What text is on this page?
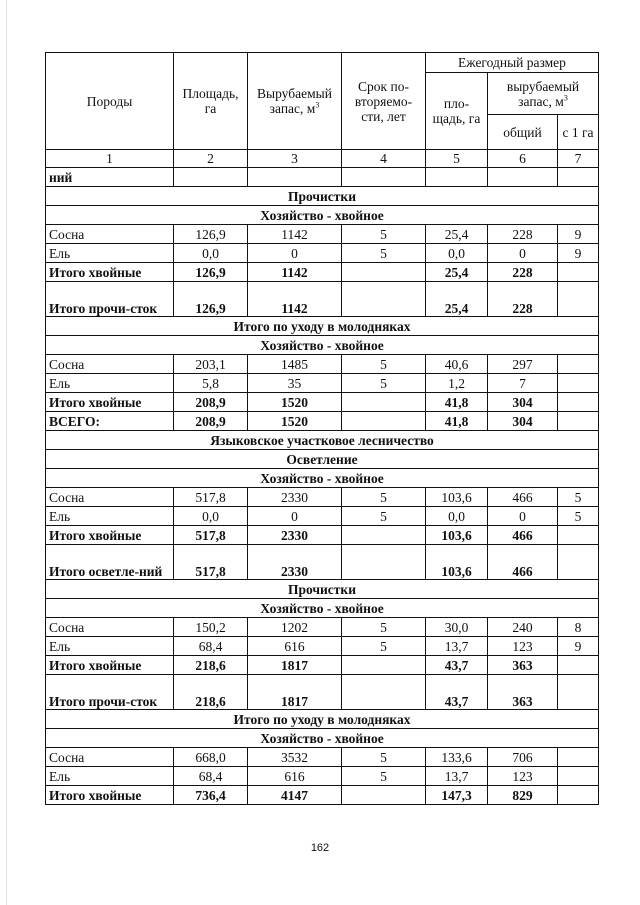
Породы	Площадь, га	Вырубаемый запас, $м^3$	Срок по-вторяемо-сти, лет	Ежегодный размер		
				пло-щадь, га	вырубаемый запас, $м^3$
					общий	с 1 га
1	2	3	4	5	6	7
ний						
Прочистки						
Хозяйство - хвойное						
Сосна	126,9	1142	5	25,4	228	9
Ель	0,0	0	5	0,0	0	9
Итого хвойные	126,9	1142		25,4	228	
Итого прочи-сток	126,9	1142		25,4	228	
Итого по уходу в молодняках						
Хозяйство - хвойное						
Сосна	203,1	1485	5	40,6	297	
Ель	5,8	35	5	1,2	7	
Итого хвойные	208,9	1520		41,8	304	
ВСЕГО:	208,9	1520		41,8	304	
Языковское участковое лесничество						
Осветление						
Хозяйство - хвойное						
Сосна	517,8	2330	5	103,6	466	5
Ель	0,0	0	5	0,0	0	5
Итого хвойные	517,8	2330		103,6	466	
Итого осветле-ний	517,8	2330		103,6	466	
Прочистки						
Хозяйство - хвойное						
Сосна	150,2	1202	5	30,0	240	8
Ель	68,4	616	5	13,7	123	9
Итого хвойные	218,6	1817		43,7	363	
Итого прочи-сток	218,6	1817		43,7	363	
Итого по уходу в молодняках						
Хозяйство - хвойное						
Сосна	668,0	3532	5	133,6	706	
Ель	68,4	616	5	13,7	123	
Итого хвойные	736,4	4147		147,3	829	
162
